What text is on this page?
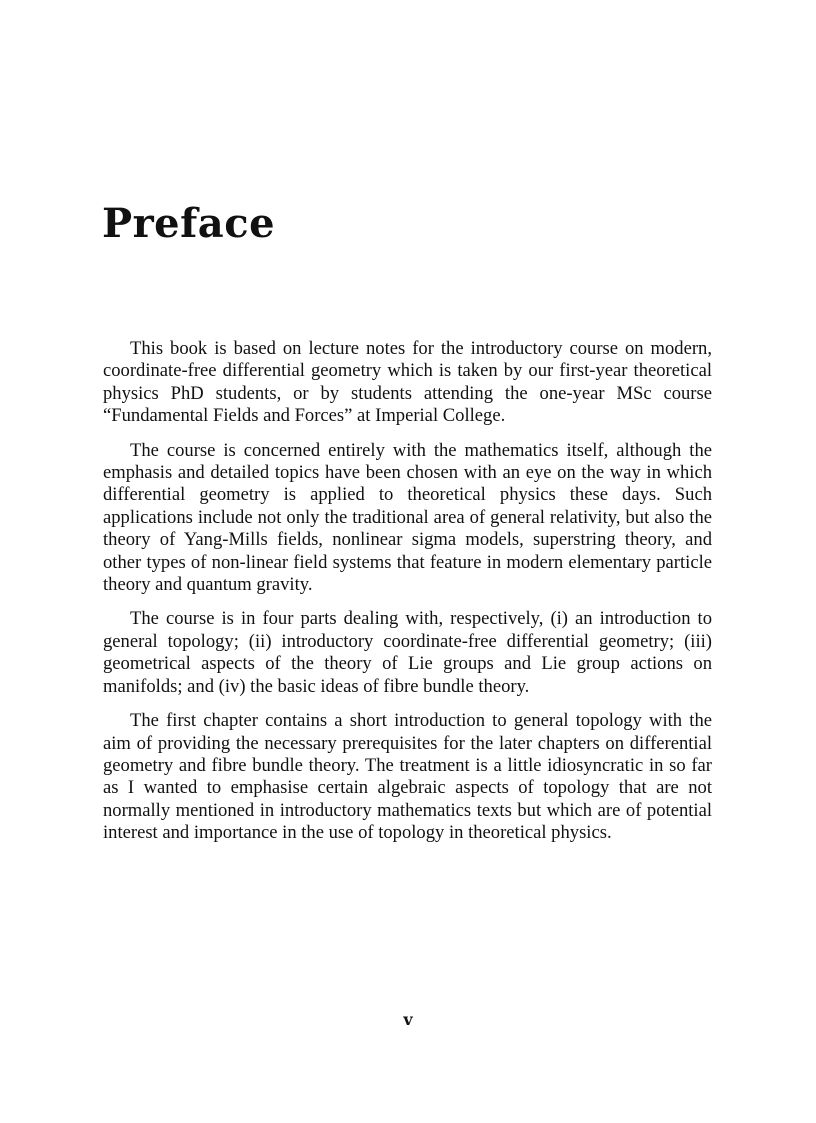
Preface

This book is based on lecture notes for the introductory course on modern, coordinate-free differential geometry which is taken by our first-year theoretical physics PhD students, or by students attending the one-year MSc course “Fundamental Fields and Forces” at Imperial College.

The course is concerned entirely with the mathematics itself, although the emphasis and detailed topics have been chosen with an eye on the way in which differential geometry is applied to theoretical physics these days. Such applications include not only the traditional area of general relativity, but also the theory of Yang-Mills fields, nonlinear sigma models, superstring theory, and other types of non-linear field systems that feature in modern elementary particle theory and quantum gravity.

The course is in four parts dealing with, respectively, (i) an introduction to general topology; (ii) introductory coordinate-free differential geometry; (iii) geometrical aspects of the theory of Lie groups and Lie group actions on manifolds; and (iv) the basic ideas of fibre bundle theory.

The first chapter contains a short introduction to general topology with the aim of providing the necessary prerequisites for the later chapters on differential geometry and fibre bundle theory. The treatment is a little idiosyncratic in so far as I wanted to emphasise certain algebraic aspects of topology that are not normally mentioned in introductory mathematics texts but which are of potential interest and importance in the use of topology in theoretical physics.

v
